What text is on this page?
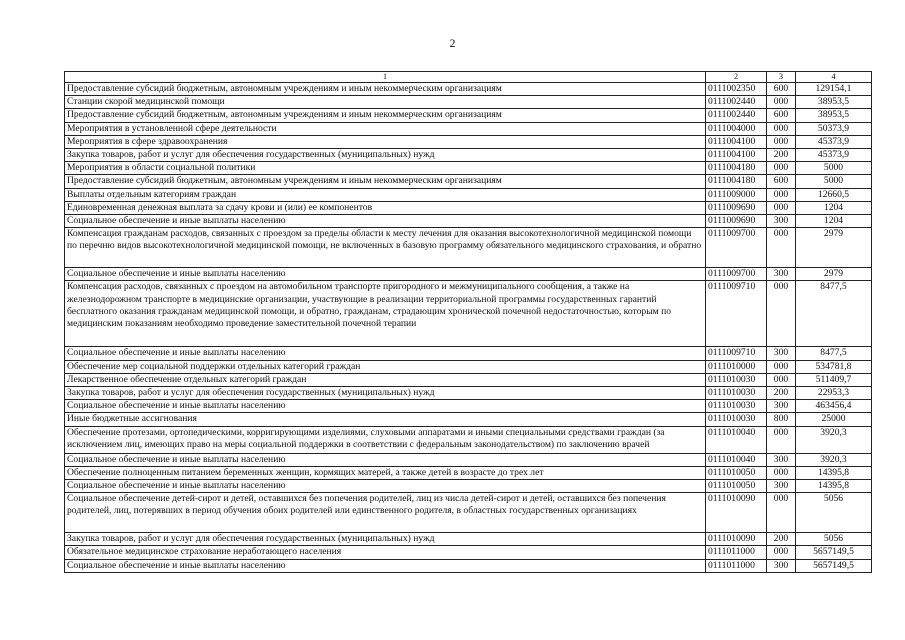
2
1	2	3	4
Предоставление субсидий бюджетным, автономным учреждениям и иным некоммерческим организациям	0111002350	600	129154,1
Станции скорой медицинской помощи	0111002440	000	38953,5
Предоставление субсидий бюджетным, автономным учреждениям и иным некоммерческим организациям	0111002440	600	38953,5
Мероприятия в установленной сфере деятельности	0111004000	000	50373,9
Мероприятия в сфере здравоохранения	0111004100	000	45373,9
Закупка товаров, работ и услуг для обеспечения государственных (муниципальных) нужд	0111004100	200	45373,9
Мероприятия в области социальной политики	0111004180	000	5000
Предоставление субсидий бюджетным, автономным учреждениям и иным некоммерческим организациям	0111004180	600	5000
Выплаты отдельным категориям граждан	0111009000	000	12660,5
Единовременная денежная выплата за сдачу крови и (или) ее компонентов	0111009690	000	1204
Социальное обеспечение и иные выплаты населению	0111009690	300	1204
Компенсация гражданам расходов, связанных с проездом за пределы области к месту лечения для оказания высокотехнологичной медицинской помощи по перечню видов высокотехнологичной медицинской помощи, не включенных в базовую программу обязательного медицинского страхования, и обратно	0111009700	000	2979
Социальное обеспечение и иные выплаты населению	0111009700	300	2979
Компенсация расходов, связанных с проездом на автомобильном транспорте пригородного и межмуниципального сообщения, а также на железнодорожном транспорте в медицинские организации, участвующие в реализации территориальной программы государственных гарантий бесплатного оказания гражданам медицинской помощи, и обратно, гражданам, страдающим хронической почечной недостаточностью, которым по медицинским показаниям необходимо проведение заместительной почечной терапии	0111009710	000	8477,5
Социальное обеспечение и иные выплаты населению	0111009710	300	8477,5
Обеспечение мер социальной поддержки отдельных категорий граждан	0111010000	000	534781,8
Лекарственное обеспечение отдельных категорий граждан	0111010030	000	511409,7
Закупка товаров, работ и услуг для обеспечения государственных (муниципальных) нужд	0111010030	200	22953,3
Социальное обеспечение и иные выплаты населению	0111010030	300	463456,4
Иные бюджетные ассигнования	0111010030	800	25000
Обеспечение протезами, ортопедическими, корригирующими изделиями, слуховыми аппаратами и иными специальными средствами граждан (за исключением лиц, имеющих право на меры социальной поддержки в соответствии с федеральным законодательством) по заключению врачей	0111010040	000	3920,3
Социальное обеспечение и иные выплаты населению	0111010040	300	3920,3
Обеспечение полноценным питанием беременных женщин, кормящих матерей, а также детей в возрасте до трех лет	0111010050	000	14395,8
Социальное обеспечение и иные выплаты населению	0111010050	300	14395,8
Социальное обеспечение детей-сирот и детей, оставшихся без попечения родителей, лиц из числа детей-сирот и детей, оставшихся без попечения родителей, лиц, потерявших в период обучения обоих родителей или единственного родителя, в областных государственных организациях	0111010090	000	5056
Закупка товаров, работ и услуг для обеспечения государственных (муниципальных) нужд	0111010090	200	5056
Обязательное медицинское страхование неработающего населения	0111011000	000	5657149,5
Социальное обеспечение и иные выплаты населению	0111011000	300	5657149,5
